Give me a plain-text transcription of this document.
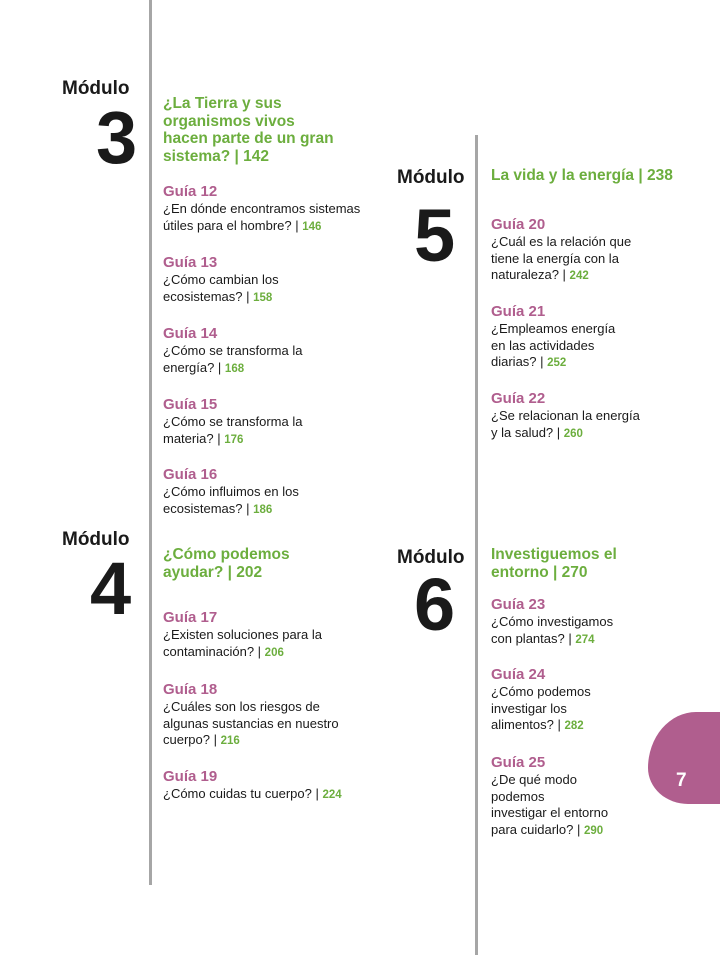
Módulo
3 ¿La Tierra y sus
organismos vivos
hacen parte de un gran
sistema? | 142
Guía 12
¿En dónde encontramos sistemas
útiles para el hombre? | 146
Guía 13
¿Cómo cambian los
ecosistemas? | 158
Guía 14
¿Cómo se transforma la
energía? | 168
Guía 15
¿Cómo se transforma la
materia? | 176
Guía 16
¿Cómo influimos en los
ecosistemas? | 186
Módulo
4 ¿Cómo podemos
ayudar? | 202
Guía 17
¿Existen soluciones para la
contaminación? | 206
Guía 18
¿Cuáles son los riesgos de
algunas sustancias en nuestro
cuerpo? | 216
Guía 19
¿Cómo cuidas tu cuerpo? | 224
Módulo
5
La vida y la energía | 238
Guía 20
¿Cuál es la relación que
tiene la energía con la
naturaleza? | 242
Guía 21
¿Empleamos energía
en las actividades
diarias? | 252
Guía 22
¿Se relacionan la energía
y la salud? | 260
Módulo
6
Investiguemos el
entorno | 270
Guía 23
¿Cómo investigamos
con plantas? | 274
Guía 24
¿Cómo podemos
investigar los
alimentos? | 282
Guía 25
¿De qué modo
podemos
investigar el entorno
para cuidarlo? | 290
7
